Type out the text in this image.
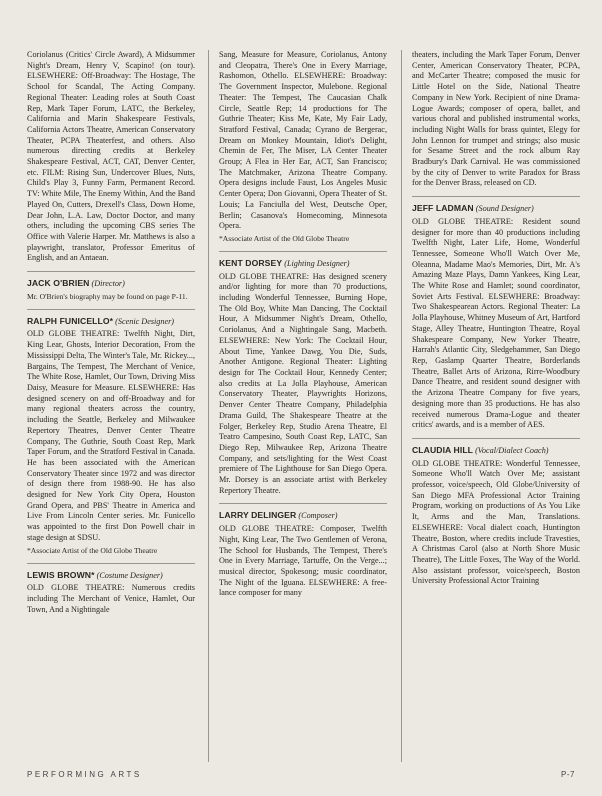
Coriolanus (Critics' Circle Award), A Midsummer Night's Dream, Henry V, Scapino! (on tour). ELSEWHERE: Off-Broadway: The Hostage, The School for Scandal, The Acting Company. Regional Theater: Leading roles at South Coast Rep, Mark Taper Forum, LATC, the Berkeley, California and Marin Shakespeare Festivals, California Actors Theatre, American Conservatory Theater, PCPA Theaterfest, and others. Also numerous directing credits at Berkeley Shakespeare Festival, ACT, CAT, Denver Center, etc. FILM: Rising Sun, Undercover Blues, Nuts, Child's Play 3, Funny Farm, Permanent Record. TV: White Mile, The Enemy Within, And the Band Played On, Cutters, Drexell's Class, Down Home, Dear John, L.A. Law, Doctor Doctor, and many others, including the upcoming CBS series The Office with Valerie Harper. Mr. Matthews is also a playwright, translator, Professor Emeritus of English, and an Antaean.

JACK O'BRIEN (Director)

Mr. O'Brien's biography may be found on page P-11.

RALPH FUNICELLO* (Scenic Designer)

OLD GLOBE THEATRE: Twelfth Night, Dirt, King Lear, Ghosts, Interior Decoration, From the Mississippi Delta, The Winter's Tale, Mr. Rickey..., Bargains, The Tempest, The Merchant of Venice, The White Rose, Hamlet, Our Town, Driving Miss Daisy, Measure for Measure. ELSEWHERE: Has designed scenery on and off-Broadway and for many regional theaters across the country, including the Seattle, Berkeley and Milwaukee Repertory Theatres, Denver Center Theatre Company, The Guthrie, South Coast Rep, Mark Taper Forum, and the Stratford Festival in Canada. He has been associated with the American Conservatory Theater since 1972 and was director of design there from 1988-90. He has also designed for New York City Opera, Houston Grand Opera, and PBS' Theatre in America and Live From Lincoln Center series. Mr. Funicello was appointed to the first Don Powell chair in stage design at SDSU.

*Associate Artist of the Old Globe Theatre

LEWIS BROWN* (Costume Designer)

OLD GLOBE THEATRE: Numerous credits including The Merchant of Venice, Hamlet, Our Town, And a Nightingale

Sang, Measure for Measure, Coriolanus, Antony and Cleopatra, There's One in Every Marriage, Rashomon, Othello. ELSEWHERE: Broadway: The Government Inspector, Mulebone. Regional Theater: The Tempest, The Caucasian Chalk Circle, Seattle Rep; 14 productions for The Guthrie Theater; Kiss Me, Kate, My Fair Lady, Stratford Festival, Canada; Cyrano de Bergerac, Dream on Monkey Mountain, Idiot's Delight, Chemin de Fer, The Miser, LA Center Theater Group; A Flea in Her Ear, ACT, San Francisco; The Matchmaker, Arizona Theatre Company. Opera designs include Faust, Los Angeles Music Center Opera; Don Giovanni, Opera Theater of St. Louis; La Fanciulla del West, Deutsche Oper, Berlin; Casanova's Homecoming, Minnesota Opera.

*Associate Artist of the Old Globe Theatre

KENT DORSEY (Lighting Designer)

OLD GLOBE THEATRE: Has designed scenery and/or lighting for more than 70 productions, including Wonderful Tennessee, Burning Hope, The Old Boy, White Man Dancing, The Cocktail Hour, A Midsummer Night's Dream, Othello, Coriolanus, And a Nightingale Sang, Macbeth. ELSEWHERE: New York: The Cocktail Hour, About Time, Yankee Dawg, You Die, Suds, Another Antigone. Regional Theater: Lighting design for The Cocktail Hour, Kennedy Center; also credits at La Jolla Playhouse, American Conservatory Theater, Playwrights Horizons, Denver Center Theatre Company, Philadelphia Drama Guild, The Shakespeare Theatre at the Folger, Berkeley Rep, Studio Arena Theatre, El Teatro Campesino, South Coast Rep, LATC, San Diego Rep, Milwaukee Rep, Arizona Theatre Company, and sets/lighting for the West Coast premiere of The Lighthouse for San Diego Opera. Mr. Dorsey is an associate artist with Berkeley Repertory Theatre.

LARRY DELINGER (Composer)

OLD GLOBE THEATRE: Composer, Twelfth Night, King Lear, The Two Gentlemen of Verona, The School for Husbands, The Tempest, There's One in Every Marriage, Tartuffe, On the Verge...; musical director, Spokesong; music coordinator, The Night of the Iguana. ELSEWHERE: A free-lance composer for many

theaters, including the Mark Taper Forum, Denver Center, American Conservatory Theater, PCPA, and McCarter Theatre; composed the music for Little Hotel on the Side, National Theatre Company in New York. Recipient of nine Drama-Logue Awards; composer of opera, ballet, and various choral and published instrumental works, including Night Walls for brass quintet, Elegy for John Lennon for trumpet and strings; also music for Sesame Street and the rock album Ray Bradbury's Dark Carnival. He was commissioned by the city of Denver to write Paradox for Brass for the Denver Brass, released on CD.

JEFF LADMAN (Sound Designer)

OLD GLOBE THEATRE: Resident sound designer for more than 40 productions including Twelfth Night, Later Life, Home, Wonderful Tennessee, Someone Who'll Watch Over Me, Oleanna, Madame Mao's Memories, Dirt, Mr. A's Amazing Maze Plays, Damn Yankees, King Lear, The White Rose and Hamlet; sound coordinator, Soviet Arts Festival. ELSEWHERE: Broadway: Two Shakespearean Actors. Regional Theater: La Jolla Playhouse, Whitney Museum of Art, Hartford Stage, Alley Theatre, Huntington Theatre, Royal Shakespeare Company, New Yorker Theatre, Harrah's Atlantic City, Sledgehammer, San Diego Rep, Gaslamp Quarter Theatre, Borderlands Theatre, Ballet Arts of Arizona, Rirre-Woodbury Dance Theatre, and resident sound designer with the Arizona Theatre Company for five years, designing more than 35 productions. He has also received numerous Drama-Logue and theater critics' awards, and is a member of AES.

CLAUDIA HILL (Vocal/Dialect Coach)

OLD GLOBE THEATRE: Wonderful Tennessee, Someone Who'll Watch Over Me; assistant professor, voice/speech, Old Globe/University of San Diego MFA Professional Actor Training Program, working on productions of As You Like It, Arms and the Man, Translations. ELSEWHERE: Vocal dialect coach, Huntington Theatre, Boston, where credits include Travesties, A Christmas Carol (also at North Shore Music Theatre), The Little Foxes, The Way of the World. Also assistant professor, voice/speech, Boston University Professional Actor Training

PERFORMING ARTS	P-7
